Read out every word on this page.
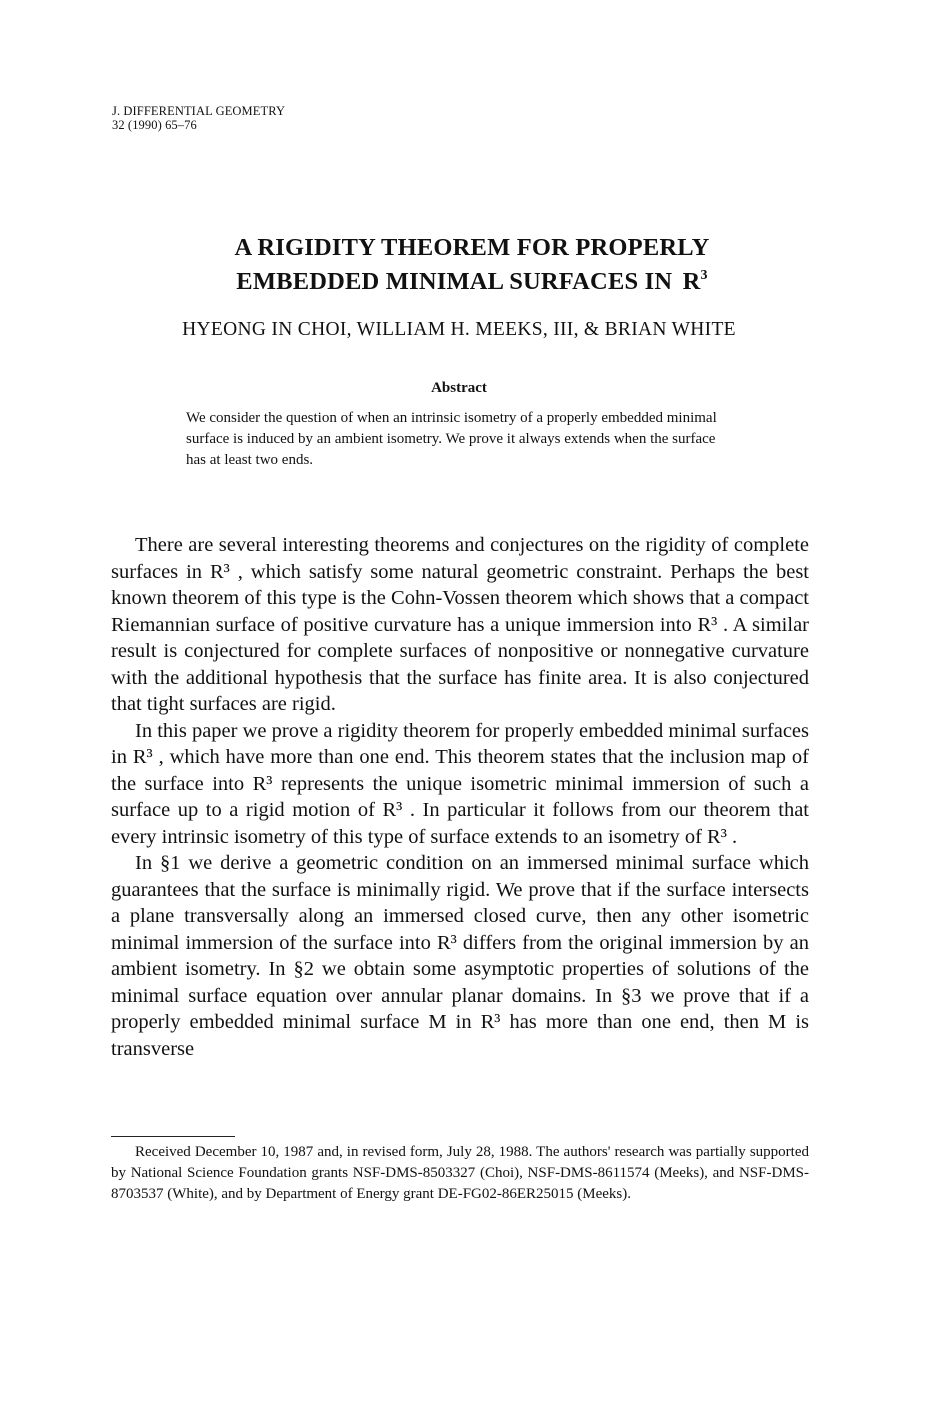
J. DIFFERENTIAL GEOMETRY
32 (1990) 65–76
A RIGIDITY THEOREM FOR PROPERLY
EMBEDDED MINIMAL SURFACES IN $R^3$
HYEONG IN CHOI, WILLIAM H. MEEKS, III, & BRIAN WHITE
Abstract
We consider the question of when an intrinsic isometry of a properly embedded minimal surface is induced by an ambient isometry. We prove it always extends when the surface has at least two ends.

There are several interesting theorems and conjectures on the rigidity of complete surfaces in R³ , which satisfy some natural geometric constraint. Perhaps the best known theorem of this type is the Cohn-Vossen theorem which shows that a compact Riemannian surface of positive curvature has a unique immersion into R³ . A similar result is conjectured for complete surfaces of nonpositive or nonnegative curvature with the additional hypothesis that the surface has finite area. It is also conjectured that tight surfaces are rigid.

In this paper we prove a rigidity theorem for properly embedded minimal surfaces in R³ , which have more than one end. This theorem states that the inclusion map of the surface into R³ represents the unique isometric minimal immersion of such a surface up to a rigid motion of R³ . In particular it follows from our theorem that every intrinsic isometry of this type of surface extends to an isometry of R³ .

In §1 we derive a geometric condition on an immersed minimal surface which guarantees that the surface is minimally rigid. We prove that if the surface intersects a plane transversally along an immersed closed curve, then any other isometric minimal immersion of the surface into R³ differs from the original immersion by an ambient isometry. In §2 we obtain some asymptotic properties of solutions of the minimal surface equation over annular planar domains. In §3 we prove that if a properly embedded minimal surface M in R³ has more than one end, then M is transverse

Received December 10, 1987 and, in revised form, July 28, 1988. The authors' research was partially supported by National Science Foundation grants NSF-DMS-8503327 (Choi), NSF-DMS-8611574 (Meeks), and NSF-DMS-8703537 (White), and by Department of Energy grant DE-FG02-86ER25015 (Meeks).
